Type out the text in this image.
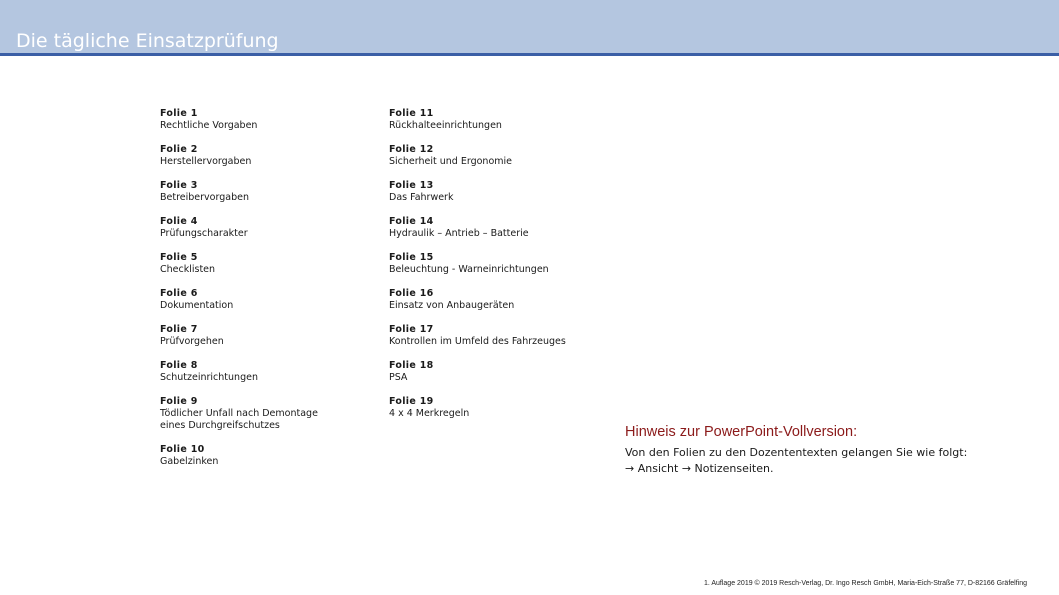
Die tägliche Einsatzprüfung
Folie 1
Rechtliche Vorgaben
Folie 2
Herstellervorgaben
Folie 3
Betreibervorgaben
Folie 4
Prüfungscharakter
Folie 5
Checklisten
Folie 6
Dokumentation
Folie 7
Prüfvorgehen
Folie 8
Schutzeinrichtungen
Folie 9
Tödlicher Unfall nach Demontage eines Durchgreifschutzes
Folie 10
Gabelzinken
Folie 11
Rückhalteeinrichtungen
Folie 12
Sicherheit und Ergonomie
Folie 13
Das Fahrwerk
Folie 14
Hydraulik – Antrieb – Batterie
Folie 15
Beleuchtung - Warneinrichtungen
Folie 16
Einsatz von Anbaugeräten
Folie 17
Kontrollen im Umfeld des Fahrzeuges
Folie 18
PSA
Folie 19
4 x 4 Merkregeln
Hinweis zur PowerPoint-Vollversion:
Von den Folien zu den Dozententexten gelangen Sie wie folgt:
→ Ansicht → Notizenseiten.
1. Auflage 2019 © 2019 Resch-Verlag, Dr. Ingo Resch GmbH, Maria-Eich-Straße 77, D-82166 Gräfelfing
